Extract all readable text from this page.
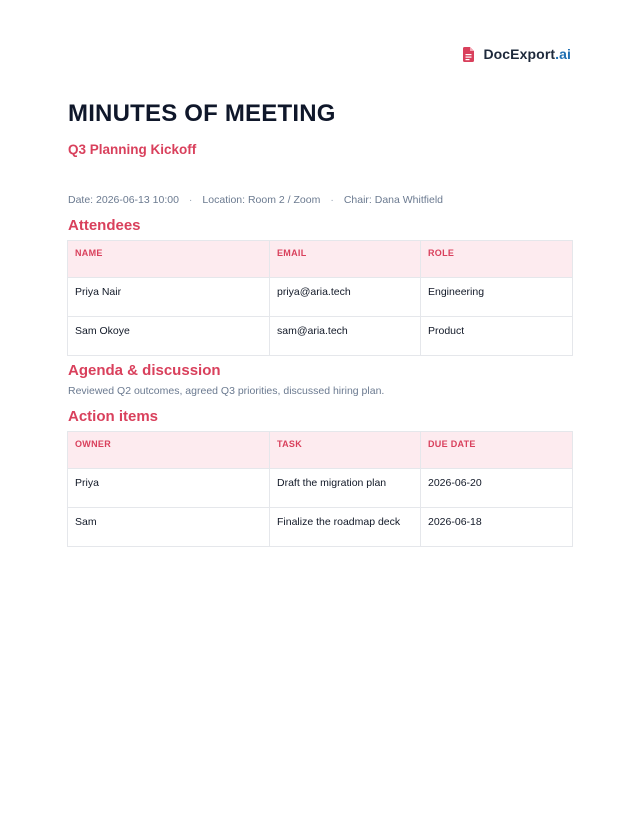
DocExport.ai
MINUTES OF MEETING
Q3 Planning Kickoff
Date: 2026-06-13 10:00 · Location: Room 2 / Zoom · Chair: Dana Whitfield
Attendees
NAME	EMAIL	ROLE
Priya Nair	priya@aria.tech	Engineering
Sam Okoye	sam@aria.tech	Product
Agenda & discussion

Reviewed Q2 outcomes, agreed Q3 priorities, discussed hiring plan.

Action items
OWNER	TASK	DUE DATE
Priya	Draft the migration plan	2026-06-20
Sam	Finalize the roadmap deck	2026-06-18
